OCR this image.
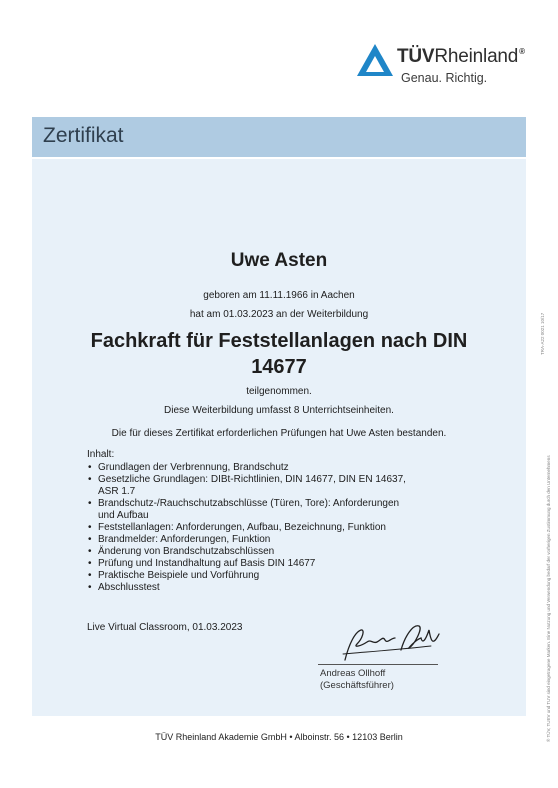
TÜVRheinland®
Genau. Richtig.
Zertifikat
Uwe Asten
geboren am 11.11.1966 in Aachen
hat am 01.03.2023 an der Weiterbildung
Fachkraft für Feststellanlagen nach DIN
14677
teilgenommen.
Diese Weiterbildung umfasst 8 Unterrichtseinheiten.
Die für dieses Zertifikat erforderlichen Prüfungen hat Uwe Asten bestanden.
Inhalt:
• Grundlagen der Verbrennung, Brandschutz
• Gesetzliche Grundlagen: DIBt-Richtlinien, DIN 14677, DIN EN 14637, ASR 1.7
• Brandschutz-/Rauchschutzabschlüsse (Türen, Tore): Anforderungen und Aufbau
• Feststellanlagen: Anforderungen, Aufbau, Bezeichnung, Funktion
• Brandmelder: Anforderungen, Funktion
• Änderung von Brandschutzabschlüssen
• Prüfung und Instandhaltung auf Basis DIN 14677
• Praktische Beispiele und Vorführung
• Abschlusstest
Live Virtual Classroom, 01.03.2023
Andreas Ollhoff
(Geschäftsführer)
TÜV Rheinland Akademie GmbH • Alboinstr. 56 • 12103 Berlin
TRA-A22 0021 10/17
® TÜV, TUEV und TUV sind eingetragene Marken. Eine Nutzung und Verwendung bedarf der vorherigen Zustimmung durch den Unternehmens
